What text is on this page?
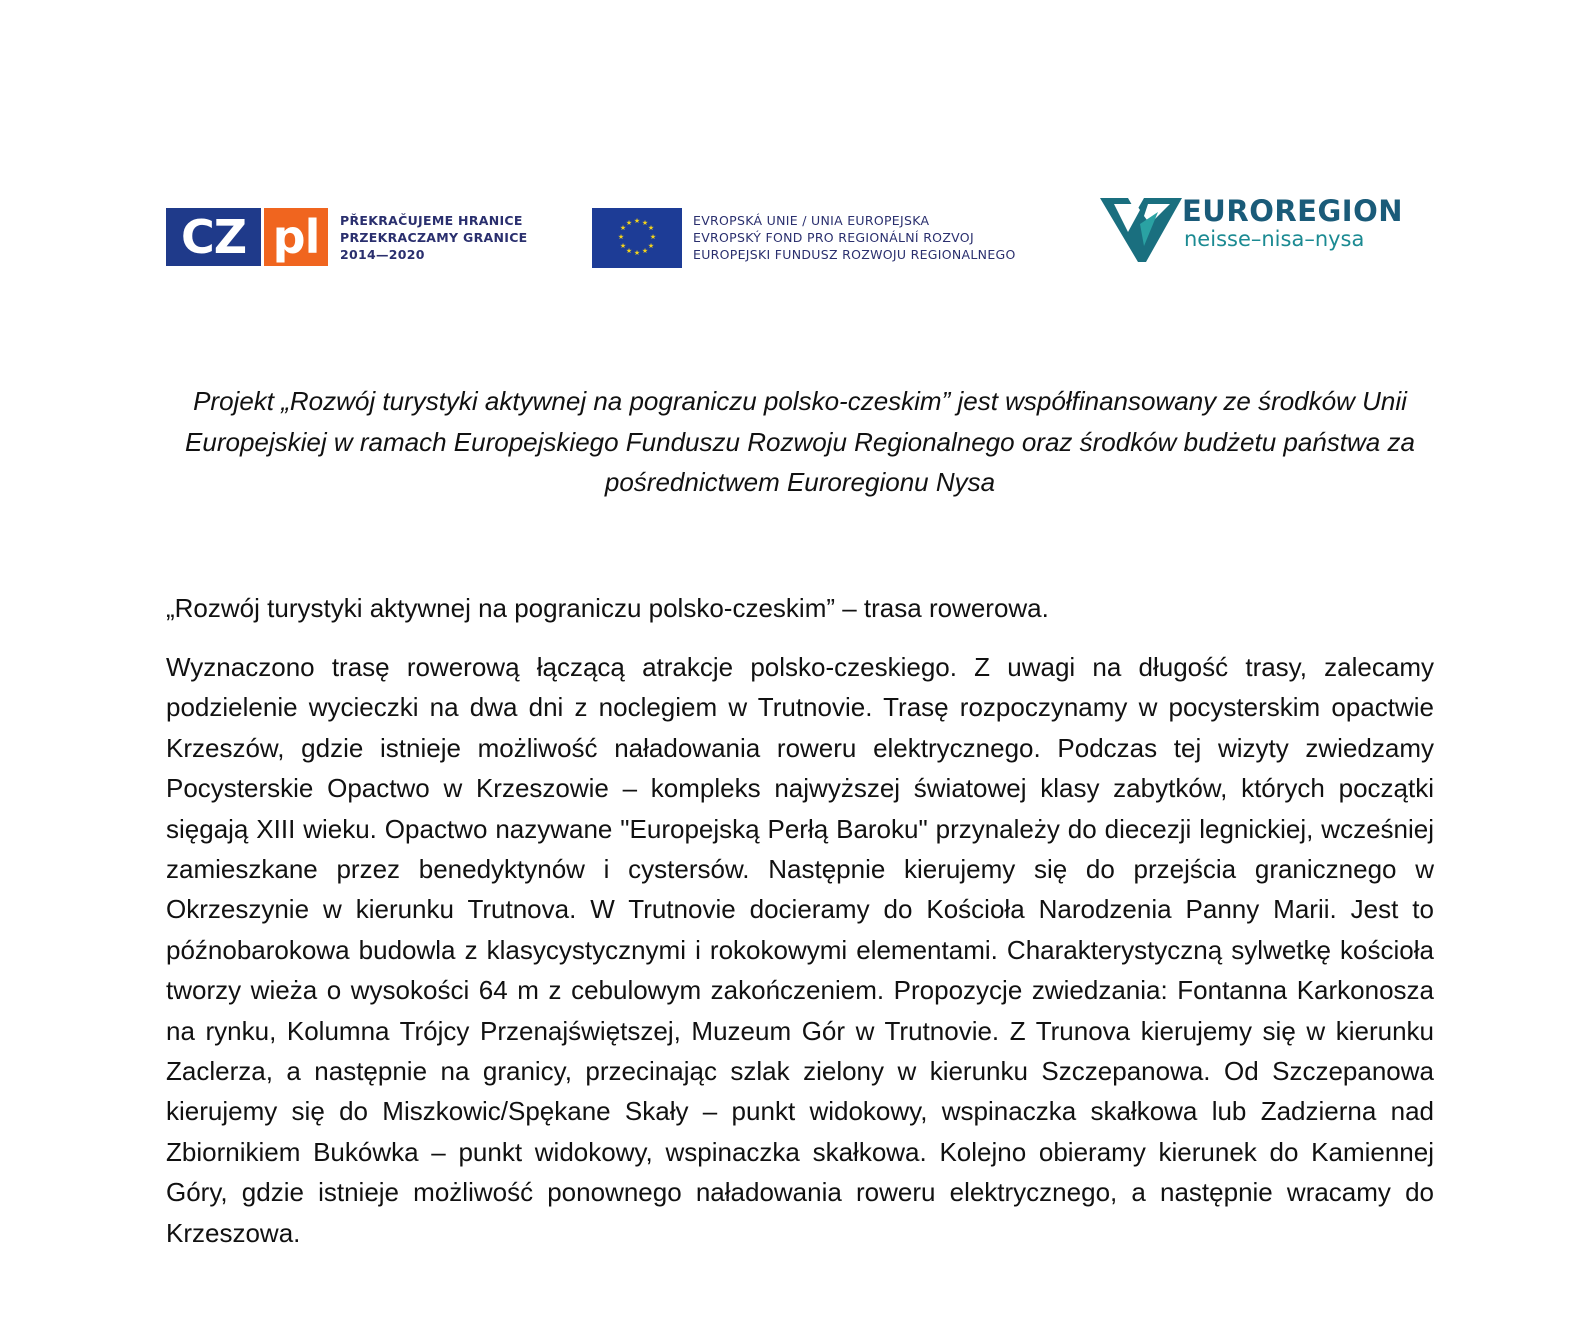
CZ pl	PŘEKRAČUJEME HRANICE
PRZEKRACZAMY GRANICE
2014—2020
★ ★
★
★
★
★
★
★
★
★
★
★	EVROPSKÁ UNIE / UNIA EUROPEJSKA
EVROPSKÝ FOND PRO REGIONÁLNÍ ROZVOJ
EUROPEJSKI FUNDUSZ ROZWOJU REGIONALNEGO
EUROREGION
neisse–nisa–nysa
Projekt „Rozwój turystyki aktywnej na pograniczu polsko-czeskim” jest współfinansowany ze środków Unii Europejskiej w ramach Europejskiego Funduszu Rozwoju Regionalnego oraz środków budżetu państwa za pośrednictwem Euroregionu Nysa
„Rozwój turystyki aktywnej na pograniczu polsko-czeskim” – trasa rowerowa.
Wyznaczono trasę rowerową łączącą atrakcje polsko-czeskiego. Z uwagi na długość trasy, zalecamy podzielenie wycieczki na dwa dni z noclegiem w Trutnovie. Trasę rozpoczynamy w pocysterskim opactwie Krzeszów, gdzie istnieje możliwość naładowania roweru elektrycznego. Podczas tej wizyty zwiedzamy Pocysterskie Opactwo w Krzeszowie – kompleks najwyższej światowej klasy zabytków, których początki sięgają XIII wieku. Opactwo nazywane "Europejską Perłą Baroku" przynależy do diecezji legnickiej, wcześniej zamieszkane przez benedyktynów i cystersów. Następnie kierujemy się do przejścia granicznego w Okrzeszynie w kierunku Trutnova. W Trutnovie docieramy do Kościoła Narodzenia Panny Marii. Jest to późnobarokowa budowla z klasycystycznymi i rokokowymi elementami. Charakterystyczną sylwetkę kościoła tworzy wieża o wysokości 64 m z cebulowym zakończeniem. Propozycje zwiedzania: Fontanna Karkonosza na rynku, Kolumna Trójcy Przenajświętszej, Muzeum Gór w Trutnovie. Z Trunova kierujemy się w kierunku Zaclerza, a następnie na granicy, przecinając szlak zielony w kierunku Szczepanowa. Od Szczepanowa kierujemy się do Miszkowic/Spękane Skały – punkt widokowy, wspinaczka skałkowa lub Zadzierna nad Zbiornikiem Bukówka – punkt widokowy, wspinaczka skałkowa. Kolejno obieramy kierunek do Kamiennej Góry, gdzie istnieje możliwość ponownego naładowania roweru elektrycznego, a następnie wracamy do Krzeszowa.
